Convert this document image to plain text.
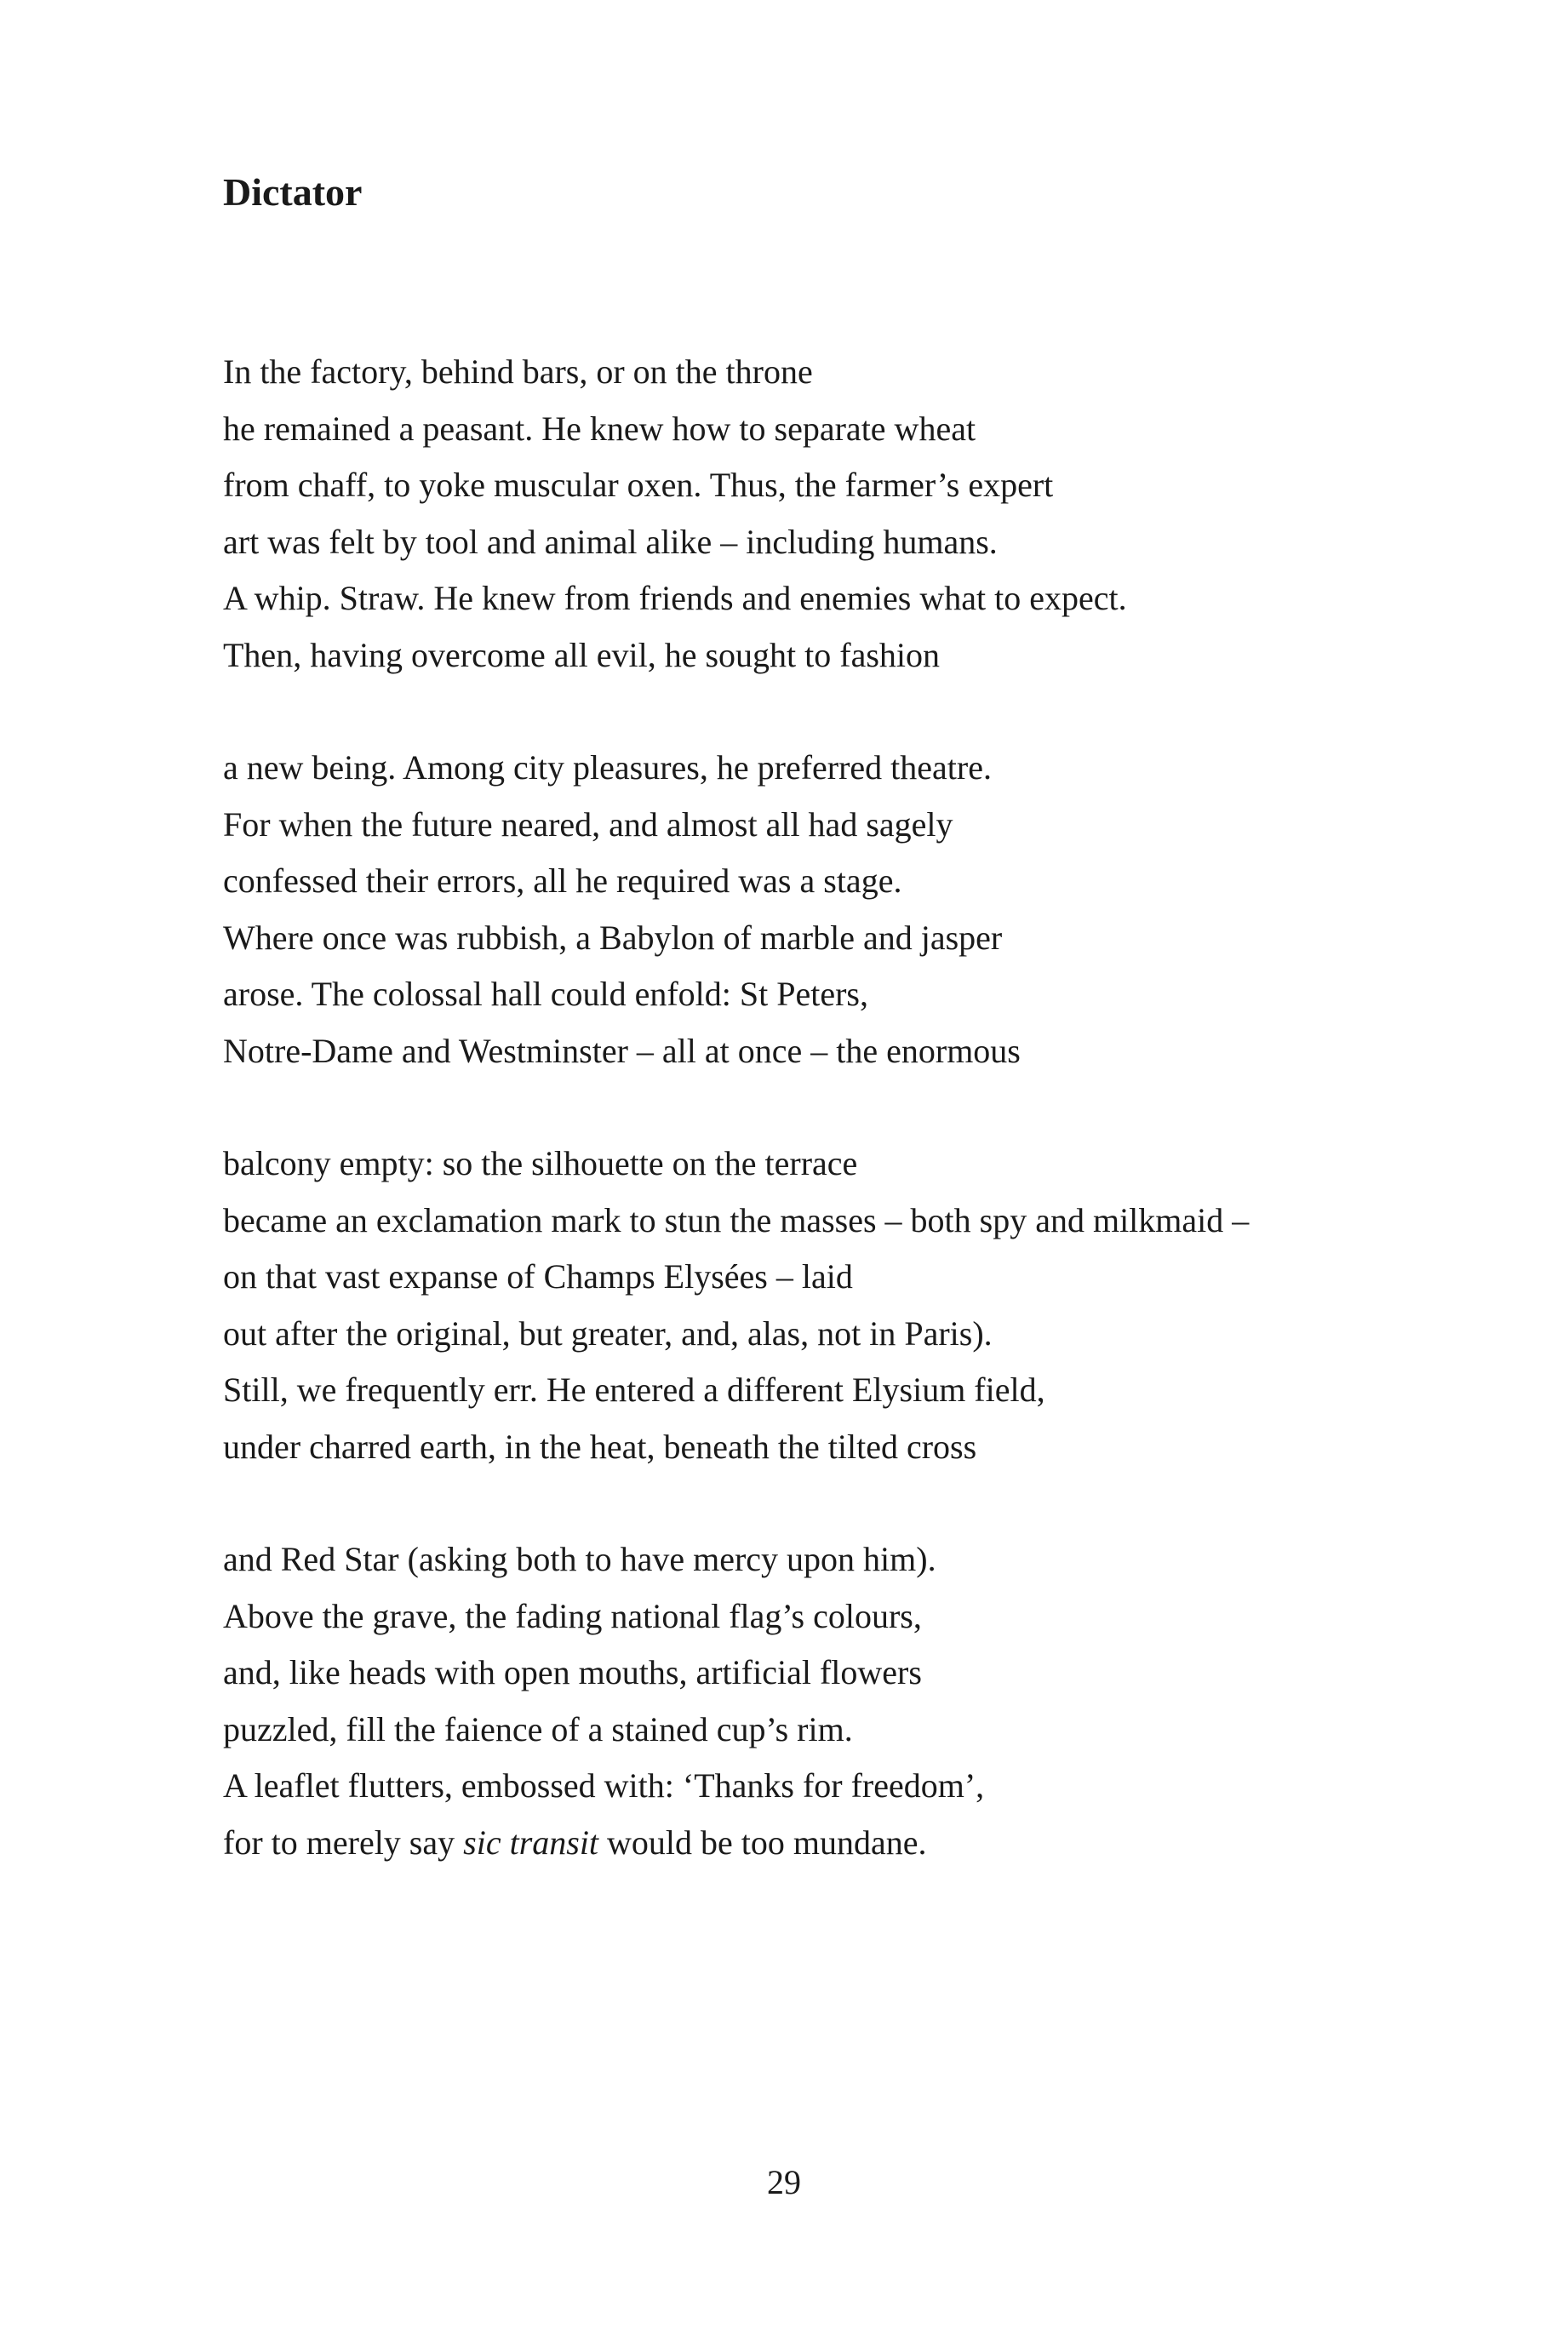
Dictator
In the factory, behind bars, or on the throne
he remained a peasant. He knew how to separate wheat
from chaff, to yoke muscular oxen. Thus, the farmer’s expert
art was felt by tool and animal alike – including humans.
A whip. Straw. He knew from friends and enemies what to expect.
Then, having overcome all evil, he sought to fashion
a new being. Among city pleasures, he preferred theatre.
For when the future neared, and almost all had sagely
confessed their errors, all he required was a stage.
Where once was rubbish, a Babylon of marble and jasper
arose. The colossal hall could enfold: St Peters,
Notre-Dame and Westminster – all at once – the enormous
balcony empty: so the silhouette on the terrace
became an exclamation mark to stun the masses – both spy and milkmaid –
on that vast expanse of Champs Elysées – laid
out after the original, but greater, and, alas, not in Paris).
Still, we frequently err. He entered a different Elysium field,
under charred earth, in the heat, beneath the tilted cross
and Red Star (asking both to have mercy upon him).
Above the grave, the fading national flag’s colours,
and, like heads with open mouths, artificial flowers
puzzled, fill the faience of a stained cup’s rim.
A leaflet flutters, embossed with: ‘Thanks for freedom’,
for to merely say sic transit would be too mundane.
29
